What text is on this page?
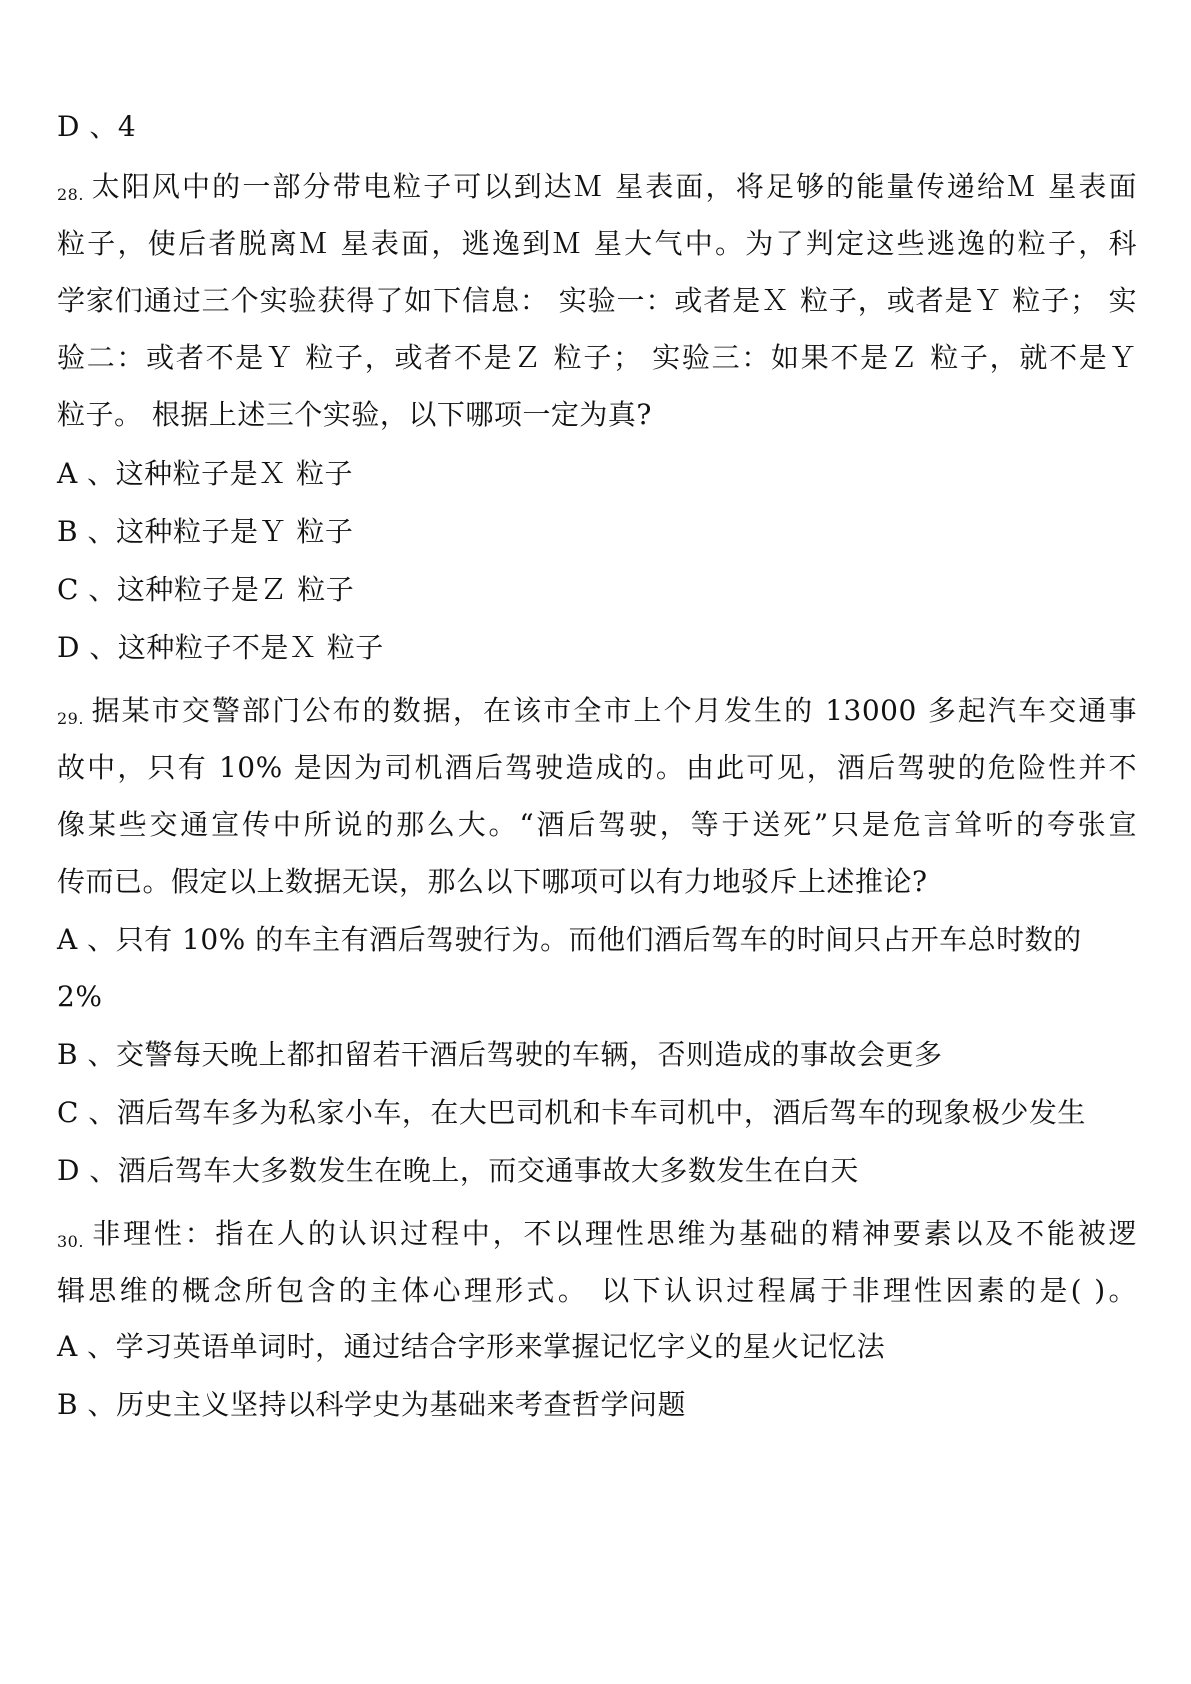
D 、4
28. 太阳风中的一部分带电粒子可以到达Ｍ 星表面，将足够的能量传递给Ｍ 星表面
粒子，使后者脱离Ｍ 星表面，逃逸到Ｍ 星大气中。为了判定这些逃逸的粒子，科
学家们通过三个实验获得了如下信息： 实验一：或者是Ｘ 粒子，或者是Ｙ 粒子； 实
验二：或者不是Ｙ 粒子，或者不是Ｚ 粒子； 实验三：如果不是Ｚ 粒子，就不是Ｙ
粒子。 根据上述三个实验，以下哪项一定为真?
A 、这种粒子是Ｘ 粒子
B 、这种粒子是Ｙ 粒子
C 、这种粒子是Ｚ 粒子
D 、这种粒子不是Ｘ 粒子
29. 据某市交警部门公布的数据，在该市全市上个月发生的 13000 多起汽车交通事
故中，只有 10% 是因为司机酒后驾驶造成的。由此可见，酒后驾驶的危险性并不
像某些交通宣传中所说的那么大。“酒后驾驶，等于送死”只是危言耸听的夸张宣
传而已。假定以上数据无误，那么以下哪项可以有力地驳斥上述推论?
A 、只有 10% 的车主有酒后驾驶行为。而他们酒后驾车的时间只占开车总时数的
2%
B 、交警每天晚上都扣留若干酒后驾驶的车辆，否则造成的事故会更多
C 、酒后驾车多为私家小车，在大巴司机和卡车司机中，酒后驾车的现象极少发生
D 、酒后驾车大多数发生在晚上，而交通事故大多数发生在白天
30. 非理性：指在人的认识过程中，不以理性思维为基础的精神要素以及不能被逻
辑思维的概念所包含的主体心理形式。 以下认识过程属于非理性因素的是( )。
A 、学习英语单词时，通过结合字形来掌握记忆字义的星火记忆法
B 、历史主义坚持以科学史为基础来考查哲学问题
